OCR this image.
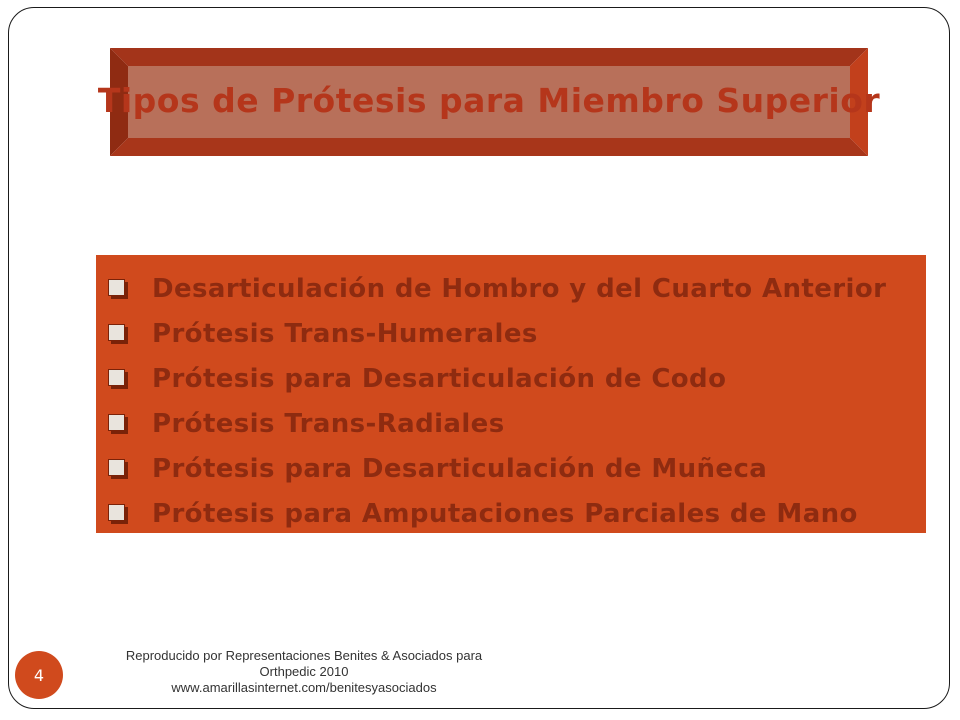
Tipos de Prótesis para Miembro Superior
Desarticulación de Hombro y del Cuarto Anterior
Prótesis Trans-Humerales
Prótesis para Desarticulación de Codo
Prótesis Trans-Radiales
Prótesis para Desarticulación de Muñeca
Prótesis para Amputaciones Parciales de Mano
4
Reproducido por Representaciones Benites & Asociados para
Orthpedic 2010
www.amarillasinternet.com/benitesyasociados
